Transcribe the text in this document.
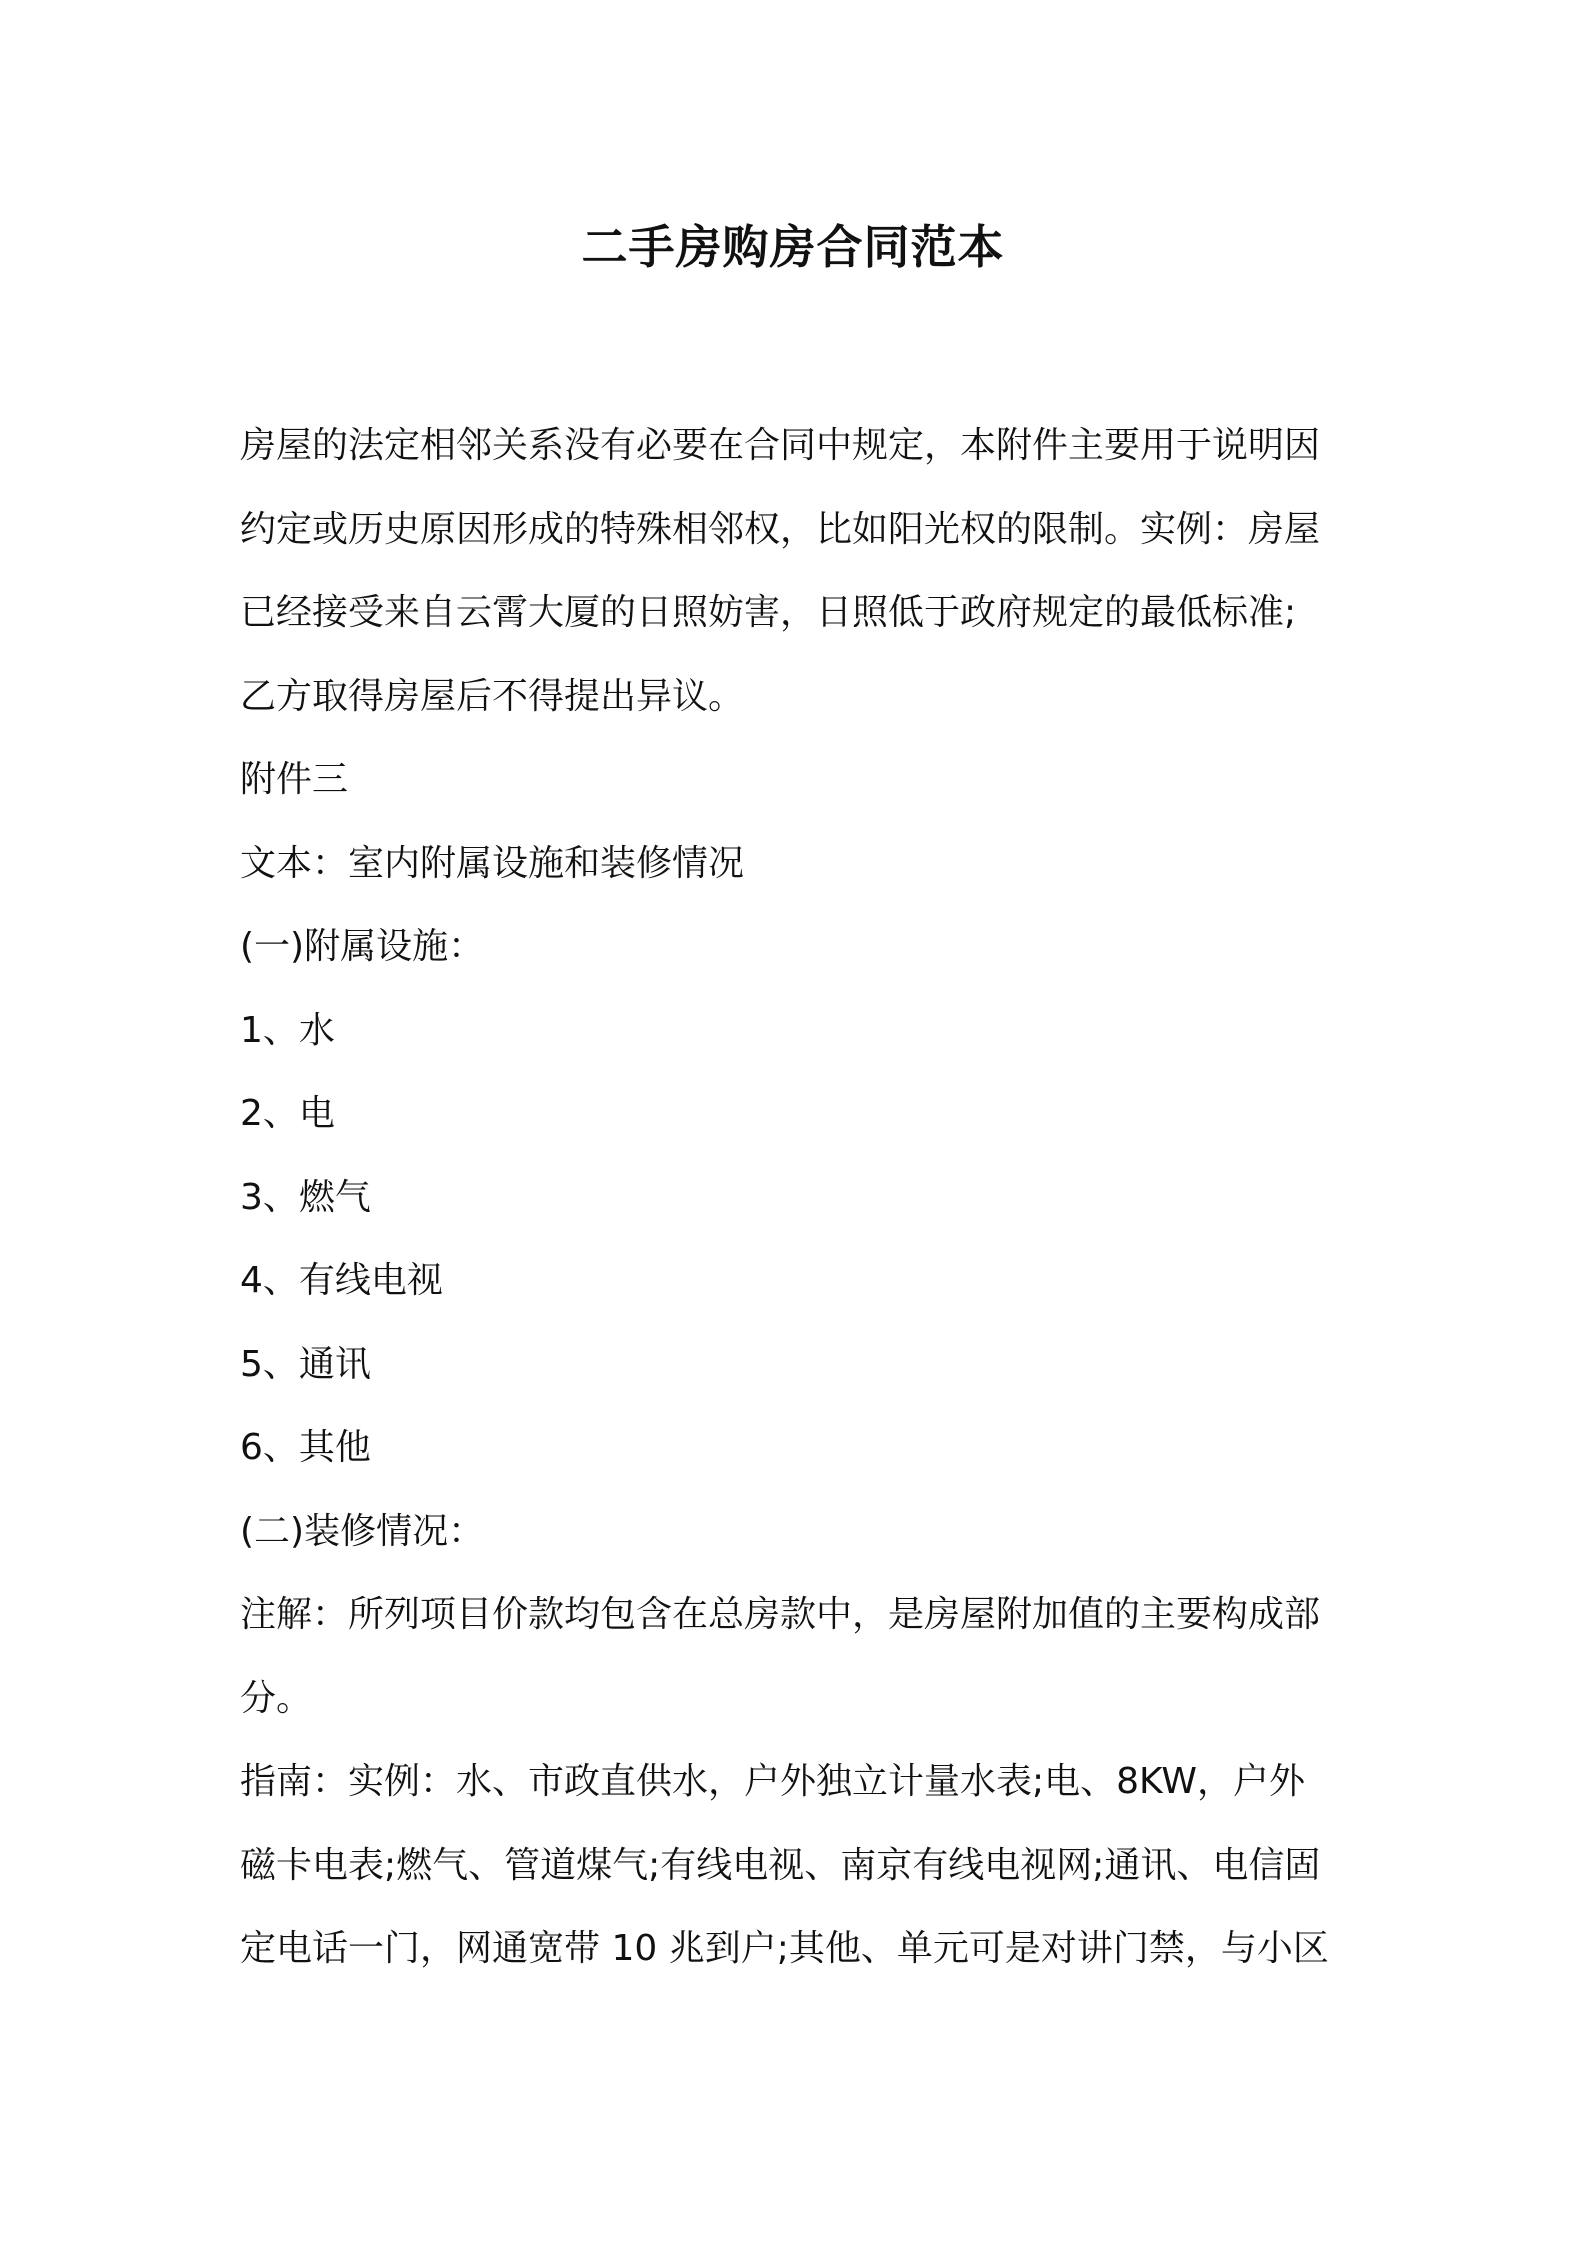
二手房购房合同范本

房屋的法定相邻关系没有必要在合同中规定，本附件主要用于说明因
约定或历史原因形成的特殊相邻权，比如阳光权的限制。实例：房屋
已经接受来自云霄大厦的日照妨害，日照低于政府规定的最低标准;
乙方取得房屋后不得提出异议。

附件三

文本：室内附属设施和装修情况

(一)附属设施：

1、水

2、电

3、燃气

4、有线电视

5、通讯

6、其他

(二)装修情况：

注解：所列项目价款均包含在总房款中，是房屋附加值的主要构成部
分。

指南：实例：水、市政直供水，户外独立计量水表;电、8KW，户外
磁卡电表;燃气、管道煤气;有线电视、南京有线电视网;通讯、电信固
定电话一门，网通宽带 10 兆到户;其他、单元可是对讲门禁，与小区
